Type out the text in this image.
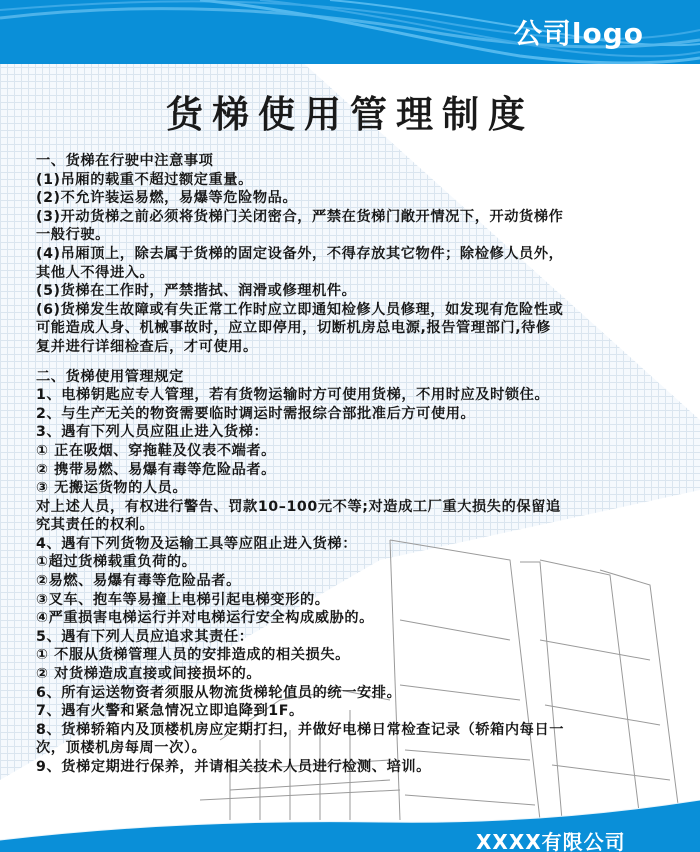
公司logo
货梯使用管理制度
一、货梯在行驶中注意事项
(1)吊厢的载重不超过额定重量。
(2)不允许装运易燃，易爆等危险物品。
(3)开动货梯之前必须将货梯门关闭密合，严禁在货梯门敞开情况下，开动货梯作
一般行驶。
(4)吊厢顶上，除去属于货梯的固定设备外，不得存放其它物件；除检修人员外，
其他人不得进入。
(5)货梯在工作时，严禁揩拭、润滑或修理机件。
(6)货梯发生故障或有失正常工作时应立即通知检修人员修理，如发现有危险性或
可能造成人身、机械事故时，应立即停用，切断机房总电源,报告管理部门,待修
复并进行详细检查后，才可使用。
二、货梯使用管理规定
1、电梯钥匙应专人管理，若有货物运输时方可使用货梯，不用时应及时锁住。
2、与生产无关的物资需要临时调运时需报综合部批准后方可使用。
3、遇有下列人员应阻止进入货梯：
① 正在吸烟、穿拖鞋及仪表不端者。
② 携带易燃、易爆有毒等危险品者。
③ 无搬运货物的人员。
对上述人员，有权进行警告、罚款10–100元不等;对造成工厂重大损失的保留追
究其责任的权利。
4、遇有下列货物及运输工具等应阻止进入货梯：
①超过货梯载重负荷的。
②易燃、易爆有毒等危险品者。
③叉车、抱车等易撞上电梯引起电梯变形的。
④严重损害电梯运行并对电梯运行安全构成威胁的。
5、遇有下列人员应追求其责任：
① 不服从货梯管理人员的安排造成的相关损失。
② 对货梯造成直接或间接损坏的。
6、所有运送物资者须服从物流货梯轮值员的统一安排。
7、遇有火警和紧急情况立即追降到1F。
8、货梯轿箱内及顶楼机房应定期打扫，并做好电梯日常检查记录（轿箱内每日一
次，顶楼机房每周一次）。
9、货梯定期进行保养，并请相关技术人员进行检测、培训。
XXXX有限公司
